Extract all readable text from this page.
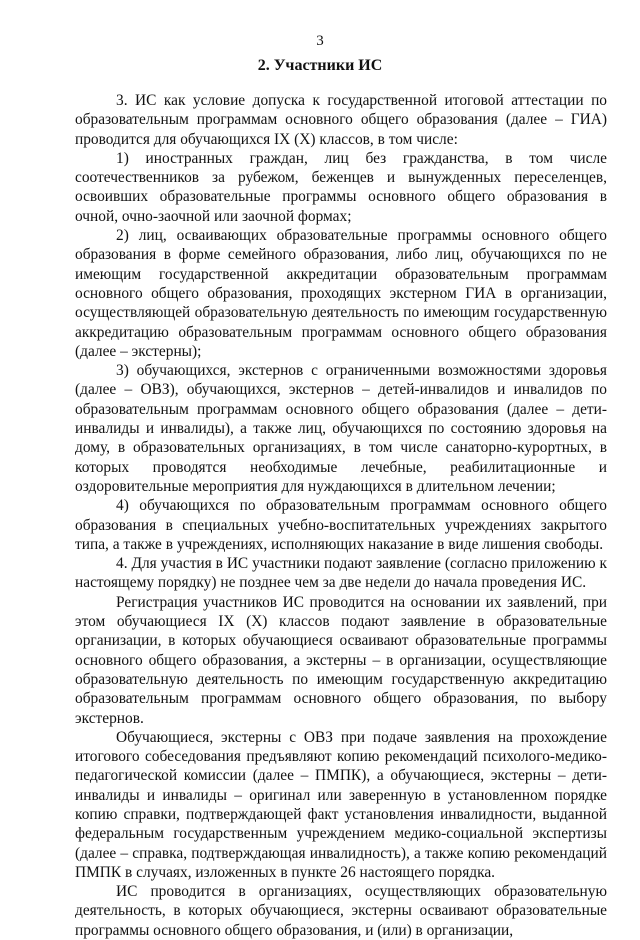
3
2. Участники ИС

3. ИС как условие допуска к государственной итоговой аттестации по образовательным программам основного общего образования (далее – ГИА) проводится для обучающихся IX (X) классов, в том числе:

1) иностранных граждан, лиц без гражданства, в том числе соотечественников за рубежом, беженцев и вынужденных переселенцев, освоивших образовательные программы основного общего образования в очной, очно-заочной или заочной формах;

2) лиц, осваивающих образовательные программы основного общего образования в форме семейного образования, либо лиц, обучающихся по не имеющим государственной аккредитации образовательным программам основного общего образования, проходящих экстерном ГИА в организации, осуществляющей образовательную деятельность по имеющим государственную аккредитацию образовательным программам основного общего образования (далее – экстерны);

3) обучающихся, экстернов с ограниченными возможностями здоровья (далее – ОВЗ), обучающихся, экстернов – детей-инвалидов и инвалидов по образовательным программам основного общего образования (далее – дети-инвалиды и инвалиды), а также лиц, обучающихся по состоянию здоровья на дому, в образовательных организациях, в том числе санаторно-курортных, в которых проводятся необходимые лечебные, реабилитационные и оздоровительные мероприятия для нуждающихся в длительном лечении;

4) обучающихся по образовательным программам основного общего образования в специальных учебно-воспитательных учреждениях закрытого типа, а также в учреждениях, исполняющих наказание в виде лишения свободы.

4. Для участия в ИС участники подают заявление (согласно приложению к настоящему порядку) не позднее чем за две недели до начала проведения ИС.

Регистрация участников ИС проводится на основании их заявлений, при этом обучающиеся IX (X) классов подают заявление в образовательные организации, в которых обучающиеся осваивают образовательные программы основного общего образования, а экстерны – в организации, осуществляющие образовательную деятельность по имеющим государственную аккредитацию образовательным программам основного общего образования, по выбору экстернов.

Обучающиеся, экстерны с ОВЗ при подаче заявления на прохождение итогового собеседования предъявляют копию рекомендаций психолого-медико-педагогической комиссии (далее – ПМПК), а обучающиеся, экстерны – дети-инвалиды и инвалиды – оригинал или заверенную в установленном порядке копию справки, подтверждающей факт установления инвалидности, выданной федеральным государственным учреждением медико-социальной экспертизы (далее – справка, подтверждающая инвалидность), а также копию рекомендаций ПМПК в случаях, изложенных в пункте 26 настоящего порядка.

ИС проводится в организациях, осуществляющих образовательную деятельность, в которых обучающиеся, экстерны осваивают образовательные программы основного общего образования, и (или) в организации,
